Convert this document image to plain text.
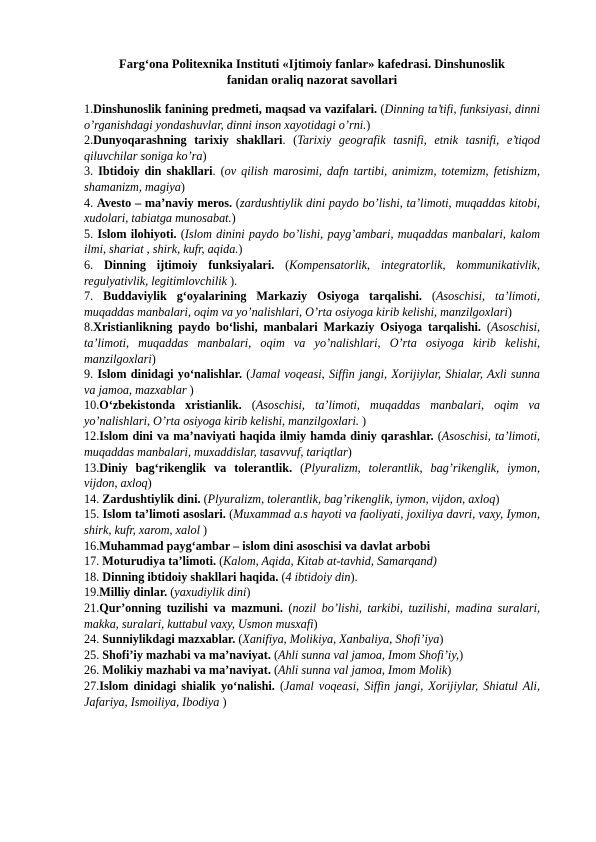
Farg‘ona Politexnika Instituti «Ijtimoiy fanlar» kafedrasi. Dinshunoslik
fanidan oraliq nazorat savollari

1.Dinshunoslik fanining predmeti, maqsad va vazifalari. (Dinning ta’tifi, funksiyasi, dinni o’rganishdagi yondashuvlar, dinni inson xayotidagi o’rni.)

2.Dunyoqarashning tarixiy shakllari. (Tarixiy geografik tasnifi, etnik tasnifi, e’tiqod qiluvchilar soniga ko’ra)

3. Ibtidoiy din shakllari. (ov qilish marosimi, dafn tartibi, animizm, totemizm, fetishizm, shamanizm, magiya)

4. Avesto – ma’naviy meros. (zardushtiylik dini paydo bo’lishi, ta’limoti, muqaddas kitobi, xudolari, tabiatga munosabat.)

5. Islom ilohiyoti. (Islom dinini paydo bo’lishi, payg’ambari, muqaddas manbalari, kalom ilmi, shariat , shirk, kufr, aqida.)

6. Dinning ijtimoiy funksiyalari. (Kompensatorlik, integratorlik, kommunikativlik, regulyativlik, legitimlovchilik ).

7. Buddaviylik g‘oyalarining Markaziy Osiyoga tarqalishi. (Asoschisi, ta’limoti, muqaddas manbalari, oqim va yo’nalishlari, O’rta osiyoga kirib kelishi, manzilgoxlari)

8.Xristianlikning paydo bo‘lishi, manbalari Markaziy Osiyoga tarqalishi. (Asoschisi, ta’limoti, muqaddas manbalari, oqim va yo’nalishlari, O’rta osiyoga kirib kelishi, manzilgoxlari)

9. Islom dinidagi yo‘nalishlar. (Jamal voqeasi, Siffin jangi, Xorijiylar, Shialar, Axli sunna va jamoa, mazxablar )

10.O‘zbekistonda xristianlik. (Asoschisi, ta’limoti, muqaddas manbalari, oqim va yo’nalishlari, O’rta osiyoga kirib kelishi, manzilgoxlari. )

12.Islom dini va ma’naviyati haqida ilmiy hamda diniy qarashlar. (Asoschisi, ta’limoti, muqaddas manbalari, muxaddislar, tasavvuf, tariqtlar)

13.Diniy bag‘rikenglik va tolerantlik. (Plyuralizm, tolerantlik, bag’rikenglik, iymon, vijdon, axloq)

14. Zardushtiylik dini. (Plyuralizm, tolerantlik, bag’rikenglik, iymon, vijdon, axloq)

15. Islom ta’limoti asoslari. (Muxammad a.s hayoti va faoliyati, joxiliya davri, vaxy, Iymon, shirk, kufr, xarom, xalol )

16.Muhammad payg‘ambar – islom dini asoschisi va davlat arbobi

17. Moturudiya ta’limoti. (Kalom, Aqida, Kitab at-tavhid, Samarqand)

18. Dinning ibtidoiy shakllari haqida. (4 ibtidoiy din).

19.Milliy dinlar. (yaxudiylik dini)

21.Qur’onning tuzilishi va mazmuni. (nozil bo’lishi, tarkibi, tuzilishi, madina suralari, makka, suralari, kuttabul vaxy, Usmon musxafi)

24. Sunniylikdagi mazxablar. (Xanifiya, Molikiya, Xanbaliya, Shofi’iya)

25. Shofi’iy mazhabi va ma’naviyat. (Ahli sunna val jamoa, Imom Shofi’iy,)

26. Molikiy mazhabi va ma’naviyat. (Ahli sunna val jamoa, Imom Molik)

27.Islom dinidagi shialik yo‘nalishi. (Jamal voqeasi, Siffin jangi, Xorijiylar, Shiatul Ali, Jafariya, Ismoiliya, Ibodiya )
